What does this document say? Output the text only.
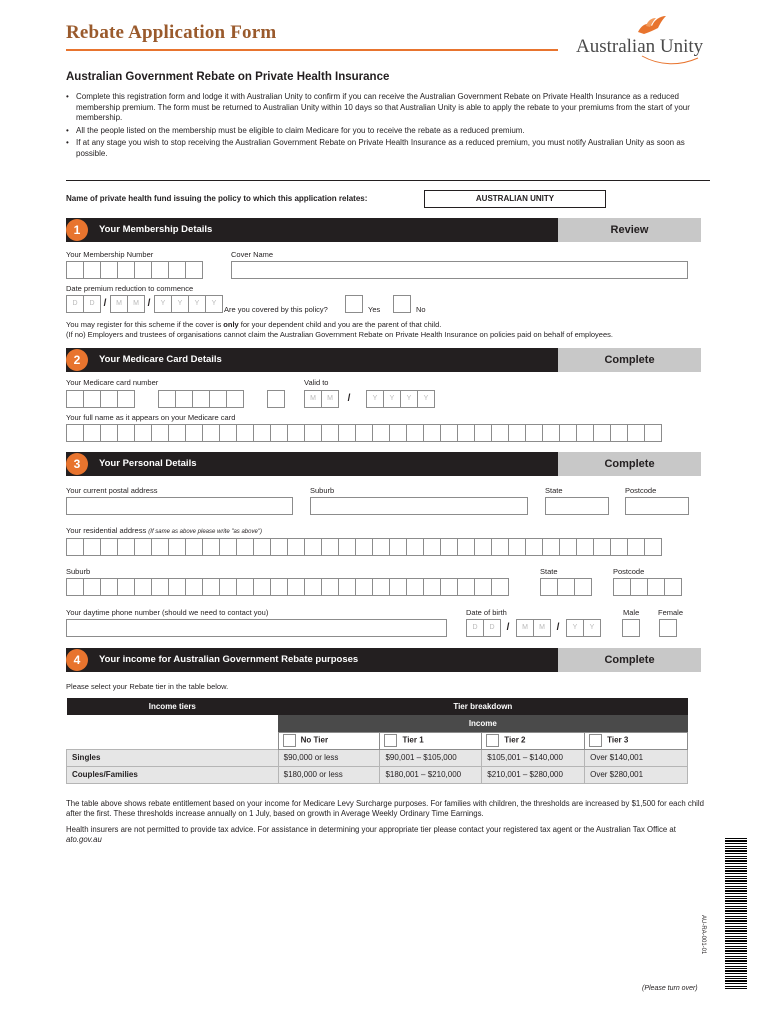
Rebate Application Form
Australian Unity
Australian Government Rebate on Private Health Insurance
• Complete this registration form and lodge it with Australian Unity to confirm if you can receive the Australian Government Rebate on Private Health Insurance as a reduced membership premium. The form must be returned to Australian Unity within 10 days so that Australian Unity is able to apply the rebate to your premiums from the start of your membership.
• All the people listed on the membership must be eligible to claim Medicare for you to receive the rebate as a reduced premium.
• If at any stage you wish to stop receiving the Australian Government Rebate on Private Health Insurance as a reduced premium, you must notify Australian Unity as soon as possible.
Name of private health fund issuing the policy to which this application relates:	AUSTRALIAN UNITY
1	Your Membership Details	Review
Your Membership Number	Cover Name
Date premium reduction to commence
D	D /	M	M /	Y	Y	Y	Y
Are you covered by this policy?	Yes	No
You may register for this scheme if the cover is only for your dependent child and you are the parent of that child.
(If no) Employers and trustees of organisations cannot claim the Australian Government Rebate on Private Health Insurance on policies paid on behalf of employees.
2	Your Medicare Card Details	Complete
Your Medicare card number	Valid to
M	M	/	Y	Y	Y	Y
Your full name as it appears on your Medicare card
3	Your Personal Details	Complete
Your current postal address	Suburb	State	Postcode
Your residential address (If same as above please write "as above")
Suburb	State	Postcode
Your daytime phone number (should we need to contact you)	Date of birth
D	D	/	M	M	/	Y	Y
Male Female
4	Your income for Australian Government Rebate purposes	Complete
Please select your Rebate tier in the table below.
Income tiers	Tier breakdown			
	Income			
	No Tier	Tier 1	Tier 2	Tier 3
Singles	$90,000 or less	$90,001 – $105,000	$105,001 – $140,000	Over $140,001
Couples/Families	$180,000 or less	$180,001 – $210,000	$210,001 – $280,000	Over $280,001
The table above shows rebate entitlement based on your income for Medicare Levy Surcharge purposes. For families with children, the thresholds are increased by $1,500 for each child after the first. These thresholds increase annually on 1 July, based on growth in Average Weekly Ordinary Time Earnings.
Health insurers are not permitted to provide tax advice. For assistance in determining your appropriate tier please contact your registered tax agent or the Australian Tax Office at ato.gov.au
AU-RA-001-01
(Please turn over)
